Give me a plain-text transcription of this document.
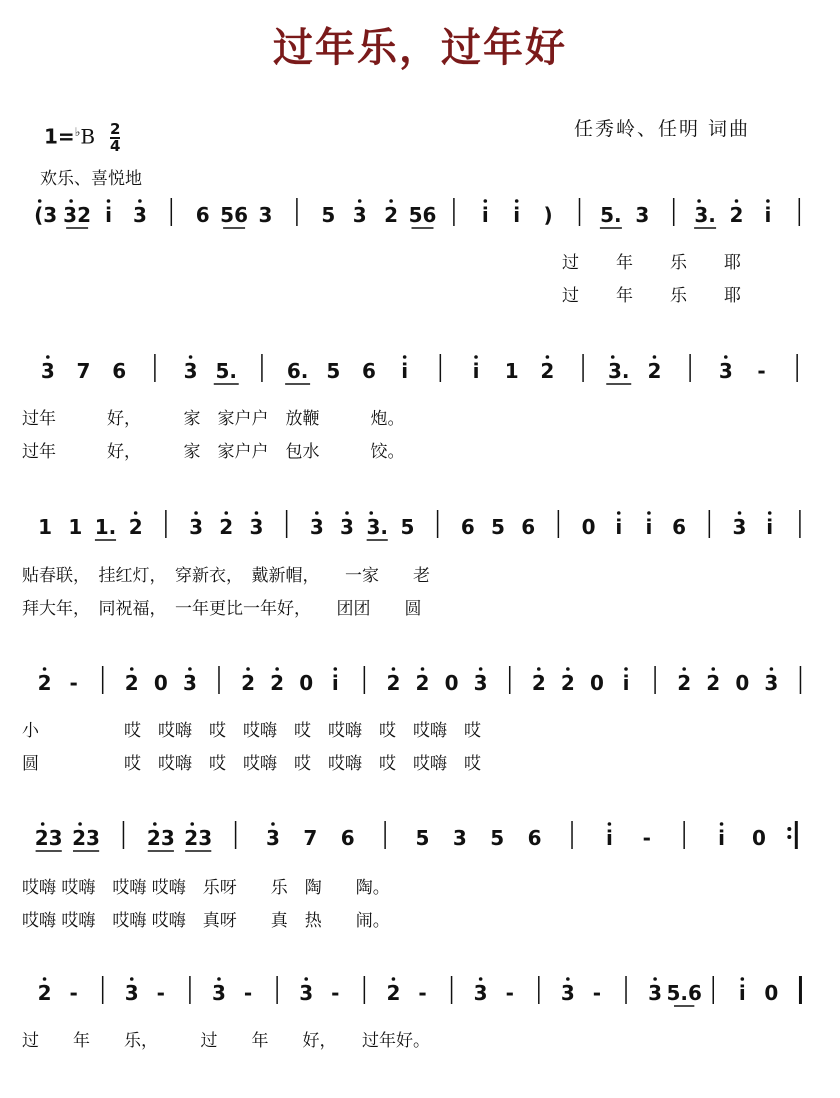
过年乐，过年好
任秀岭、任明 词曲
$1=^♭B \frac{2}{4}$
欢乐、喜悦地
过　　年　　乐　　耶
过　　年　　乐　　耶
过年　　　好，　　　家　家户户　放鞭　　　炮。
过年　　　好，　　　家　家户户　包水　　　饺。
贴春联，　挂红灯，　穿新衣，　戴新帽，　　一家　　老
拜大年，　同祝福，　一年更比一年好，　　团团　　圆
小　　　　　哎　哎嗨　哎　哎嗨　哎　哎嗨　哎　哎嗨　哎
圆　　　　　哎　哎嗨　哎　哎嗨　哎　哎嗨　哎　哎嗨　哎
哎嗨 哎嗨　哎嗨 哎嗨　乐呀　　乐　陶　　陶。
哎嗨 哎嗨　哎嗨 哎嗨　真呀　　真　热　　闹。
过　　年　　乐，　　　过　　年　　好，　　过年好。
(3 32 i 3 6 56 3 5 3 2 56 i i ) 5. 3 3. 2 i
3 7 6	3 5. 6. 5 6 i	i 1 2	3. 2	3 -
1 1 1. 2 3 2 3 3 3 3. 5 6 5 6 0 i i 6 3 i
2 - 2 0 3 2 2 0 i 2 2 0 3 2 2 0 i 2 2 0 3
23 23 23 23	3 7 6	5 3 5 6	i -	i 0
2 - 3 - 3 - 3 - 2 - 3 - 3 - 3 5.6 i 0
